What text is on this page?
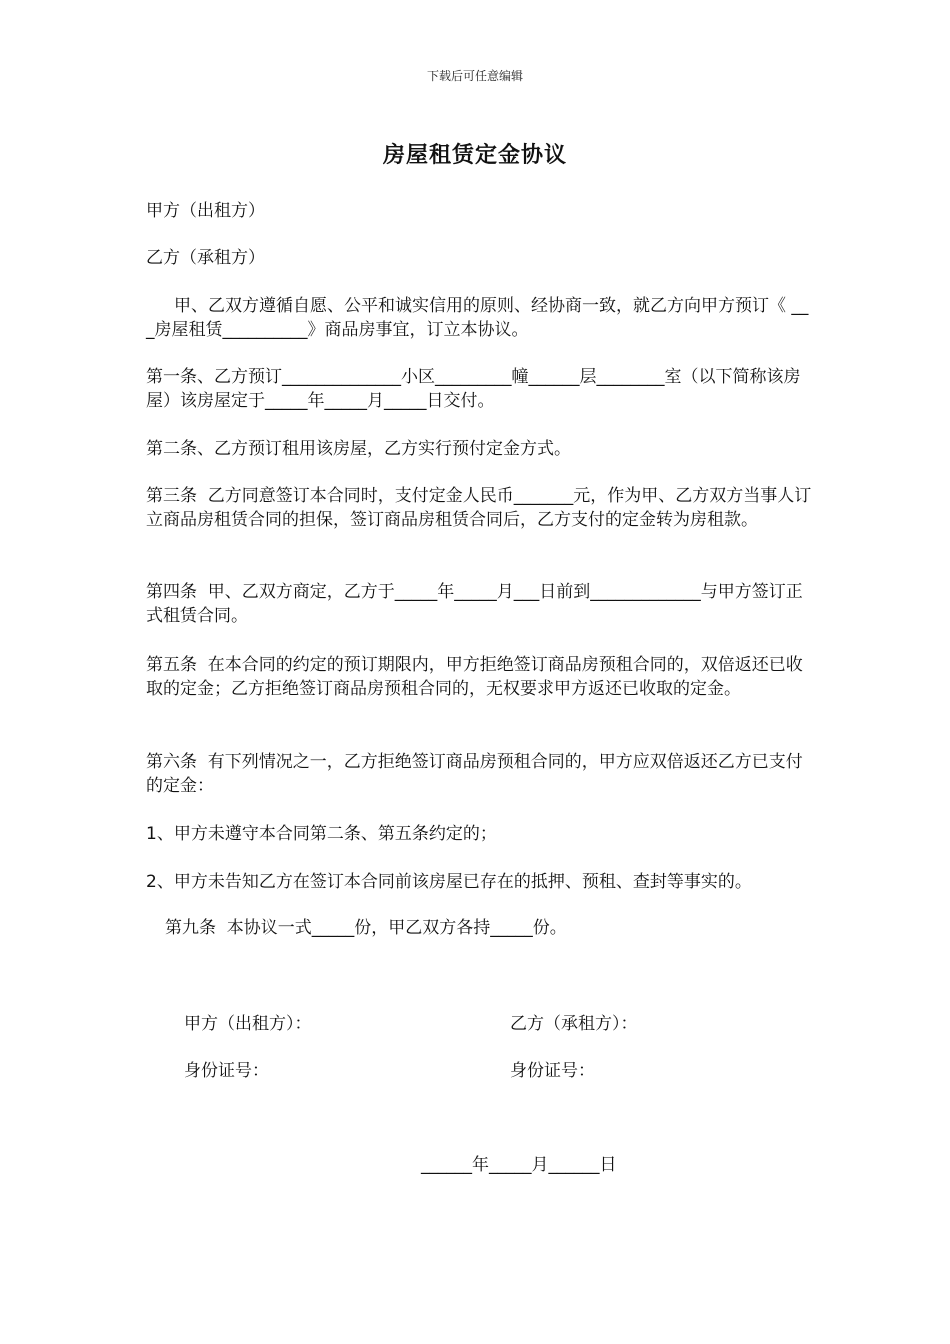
下载后可任意编辑
房屋租赁定金协议
甲方（出租方）
乙方（承租方）
甲、乙双方遵循自愿、公平和诚实信用的原则、经协商一致，就乙方向甲方预订《 ___房屋租赁__________》商品房事宜，订立本协议。
第一条、乙方预订______________小区_________幢______层________室（以下简称该房屋）该房屋定于_____年_____月_____日交付。
第二条、乙方预订租用该房屋，乙方实行预付定金方式。
第三条  乙方同意签订本合同时，支付定金人民币_______元，作为甲、乙方双方当事人订立商品房租赁合同的担保，签订商品房租赁合同后，乙方支付的定金转为房租款。
第四条  甲、乙双方商定，乙方于_____年_____月___日前到_____________与甲方签订正式租赁合同。
第五条  在本合同的约定的预订期限内，甲方拒绝签订商品房预租合同的，双倍返还已收取的定金；乙方拒绝签订商品房预租合同的，无权要求甲方返还已收取的定金。
第六条  有下列情况之一，乙方拒绝签订商品房预租合同的，甲方应双倍返还乙方已支付的定金：
1、甲方未遵守本合同第二条、第五条约定的；
2、甲方未告知乙方在签订本合同前该房屋已存在的抵押、预租、查封等事实的。
第九条  本协议一式_____份，甲乙双方各持_____份。
甲方（出租方）：	乙方（承租方）：
身份证号：	身份证号：
______年_____月______日
